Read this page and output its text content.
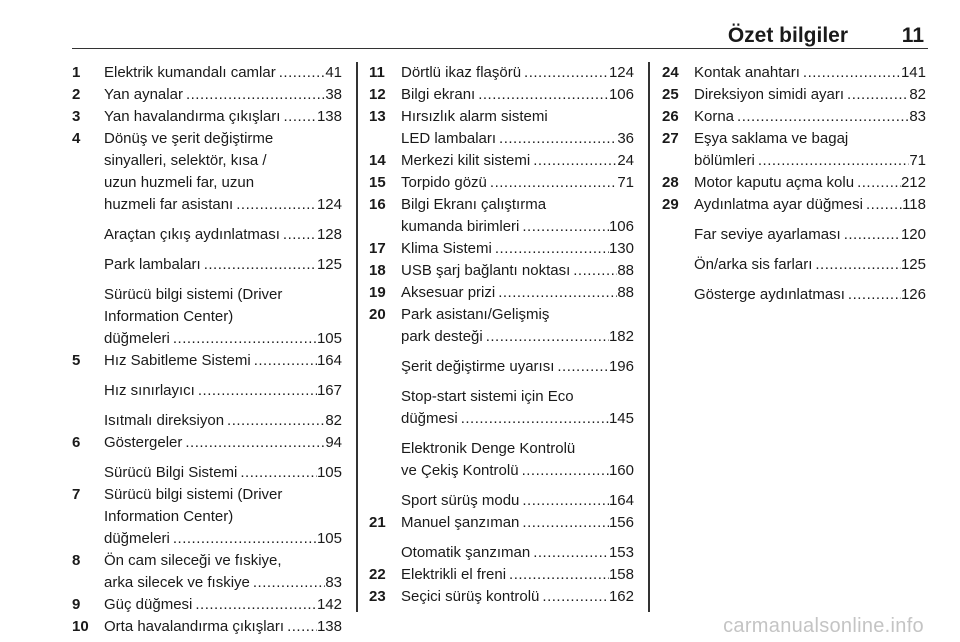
Özet bilgiler	11
1 Elektrik kumandalı camlar .....	41
2 Yan aynalar .....	38
3 Yan havalandırma çıkışları ..... 138
4 Dönüş ve şerit değiştirme
sinyalleri, selektör, kısa /
uzun huzmeli far, uzun
huzmeli far asistanı .....	124
Araçtan çıkış aydınlatması ..... 128
Park lambaları .....	125
Sürücü bilgi sistemi (Driver
Information Center)
düğmeleri .....	105
5 Hız Sabitleme Sistemi .....	164
Hız sınırlayıcı .....	167
Isıtmalı direksiyon .....	82
6 Göstergeler .....	94
Sürücü Bilgi Sistemi .....	105
7 Sürücü bilgi sistemi (Driver
Information Center)
düğmeleri .....	105
8 Ön cam sileceği ve fıskiye,
arka silecek ve fıskiye .....	83
9 Güç düğmesi .....	142
10 Orta havalandırma çıkışları ..... 138
11 Dörtlü ikaz flaşörü .....	124
12 Bilgi ekranı .....	106
13 Hırsızlık alarm sistemi
LED lambaları .....	36
14 Merkezi kilit sistemi .....	24
15 Torpido gözü .....	71
16 Bilgi Ekranı çalıştırma
kumanda birimleri .....	106
17 Klima Sistemi .....	130
18 USB şarj bağlantı noktası .....	88
19 Aksesuar prizi .....	88
20 Park asistanı/Gelişmiş
park desteği .....	182
Şerit değiştirme uyarısı .....	196
Stop-start sistemi için Eco
düğmesi .....	145
Elektronik Denge Kontrolü
ve Çekiş Kontrolü .....	160
Sport sürüş modu .....	164
21 Manuel şanzıman .....	156
Otomatik şanzıman .....	153
22 Elektrikli el freni .....	158
23 Seçici sürüş kontrolü .....	162
24 Kontak anahtarı .....	141
25 Direksiyon simidi ayarı .....	82
26 Korna .....	83
27 Eşya saklama ve bagaj
bölümleri .....	71
28 Motor kaputu açma kolu .....	212
29 Aydınlatma ayar düğmesi .....	118
Far seviye ayarlaması .....	120
Ön/arka sis farları .....	125
Gösterge aydınlatması .....	126
carmanualsonline.info
